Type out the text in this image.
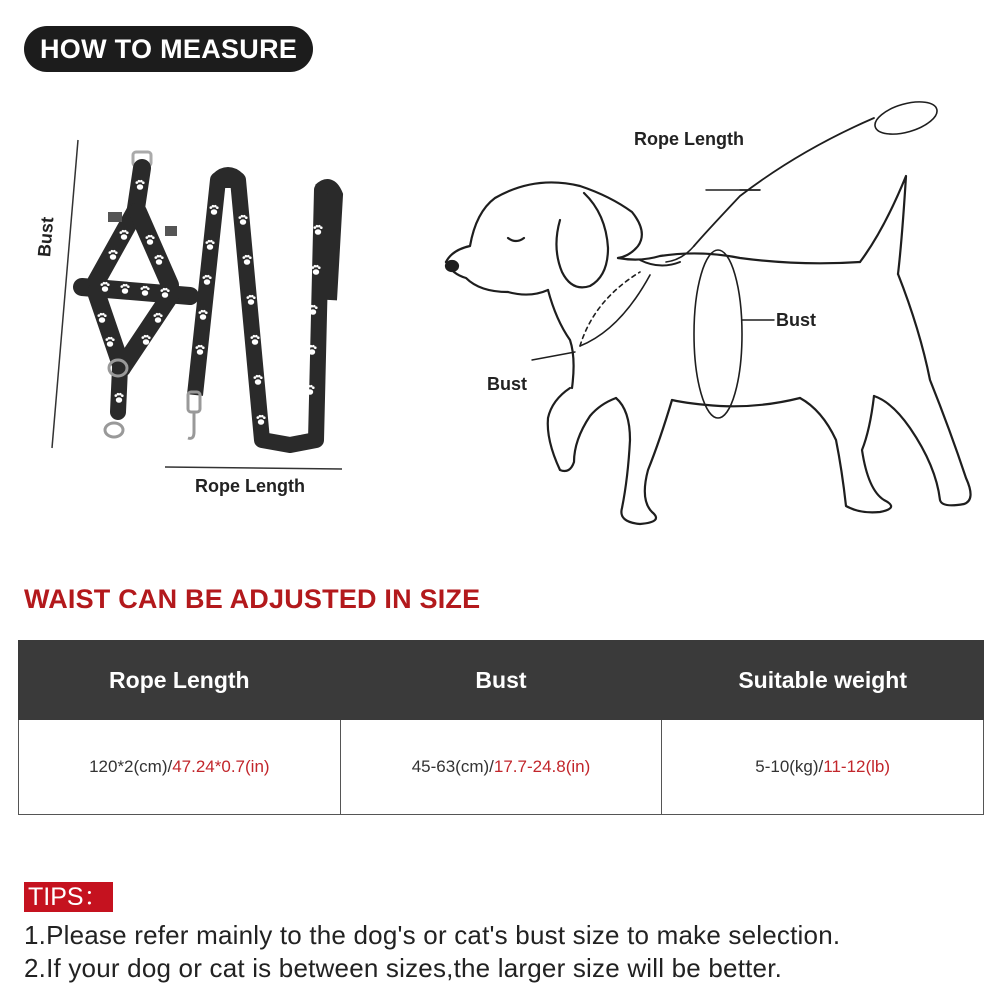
HOW TO MEASURE
Bust
Rope Length
Rope Length
Bust
Bust
WAIST CAN BE ADJUSTED IN SIZE
Rope Length	Bust	Suitable weight
120*2(cm)/47.24*0.7(in)	45-63(cm)/17.7-24.8(in)	5-10(kg)/11-12(lb)
TIPS：
1.Please refer mainly to the dog's or cat's bust size to make selection.
2.If your dog or cat is between sizes,the larger size will be better.
